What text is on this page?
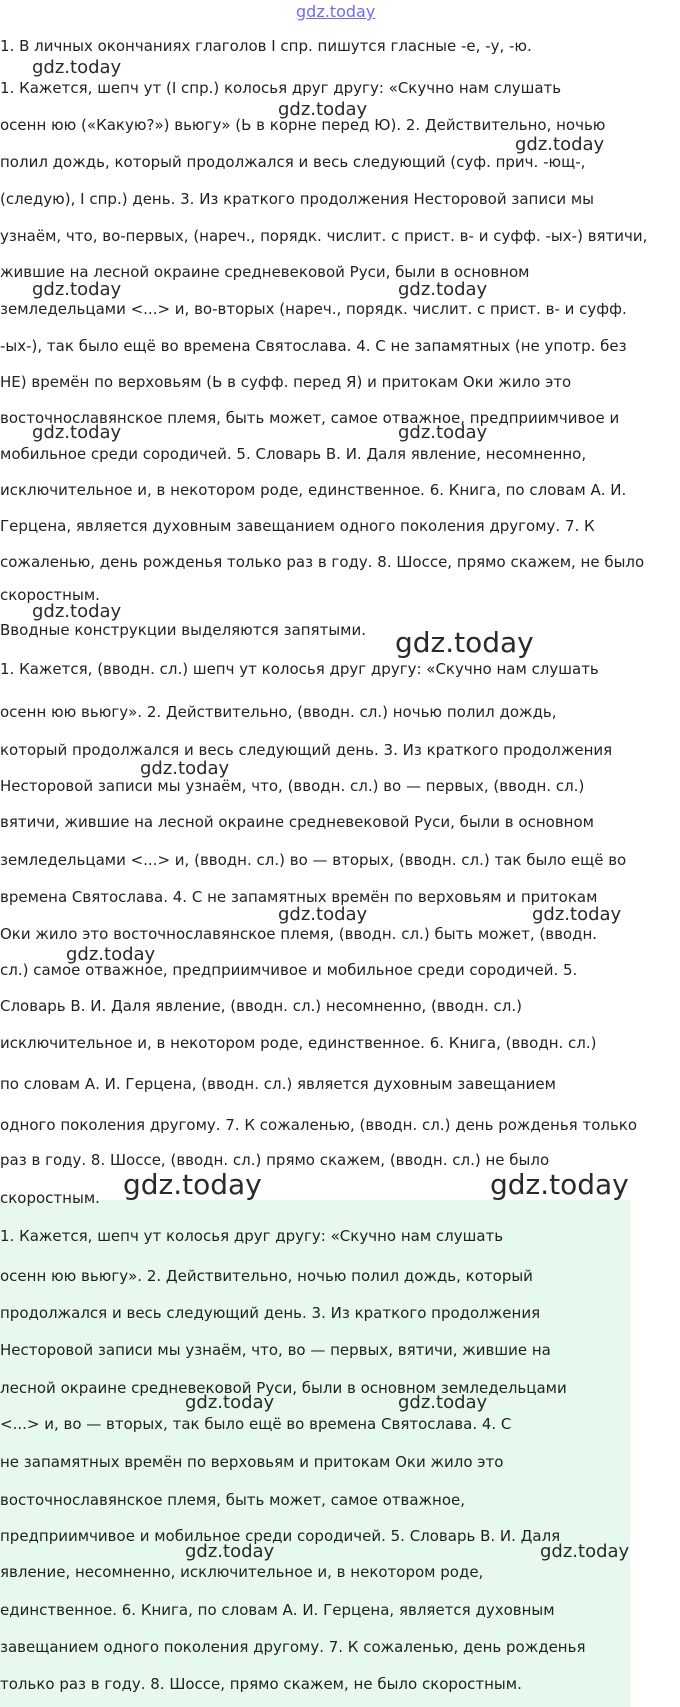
gdz.today
gdz.today
gdz.today
gdz.today
gdz.today	gdz.today
gdz.today	gdz.today
gdz.today
gdz.today
gdz.today
gdz.today	gdz.today
gdz.today
gdz.today	gdz.today
gdz.today	gdz.today
gdz.today	gdz.today
1. В личных окончаниях глаголов I спр. пишутся гласные -е, -у, -ю.
1. Кажется, шепч ут (I спр.) колосья друг другу: «Скучно нам слушать
осенн юю («Какую?») вьюгу» (Ь в корне перед Ю). 2. Действительно, ночью
полил дождь, который продолжался и весь следующий (суф. прич. -ющ-,
(следую), I спр.) день. 3. Из краткого продолжения Несторовой записи мы
узнаём, что, во-первых, (нареч., порядк. числит. с прист. в- и суфф. -ых-) вятичи,
жившие на лесной окраине средневековой Руси, были в основном
земледельцами <...> и, во-вторых (нареч., порядк. числит. с прист. в- и суфф.
-ых-), так было ещё во времена Святослава. 4. С не запамятных (не употр. без
НЕ) времён по верховьям (Ь в суфф. перед Я) и притокам Оки жило это
восточнославянское племя, быть может, самое отважное, предприимчивое и
мобильное среди сородичей. 5. Словарь В. И. Даля явление, несомненно,
исключительное и, в некотором роде, единственное. 6. Книга, по словам А. И.
Герцена, является духовным завещанием одного поколения другому. 7. К
сожаленью, день рожденья только раз в году. 8. Шоссе, прямо скажем, не было
скоростным.
Вводные конструкции выделяются запятыми.
1. Кажется, (вводн. сл.) шепч ут колосья друг другу: «Скучно нам слушать
осенн юю вьюгу». 2. Действительно, (вводн. сл.) ночью полил дождь,
который продолжался и весь следующий день. 3. Из краткого продолжения
Несторовой записи мы узнаём, что, (вводн. сл.) во — первых, (вводн. сл.)
вятичи, жившие на лесной окраине средневековой Руси, были в основном
земледельцами <...> и, (вводн. сл.) во — вторых, (вводн. сл.) так было ещё во
времена Святослава. 4. С не запамятных времён по верховьям и притокам
Оки жило это восточнославянское племя, (вводн. сл.) быть может, (вводн.
сл.) самое отважное, предприимчивое и мобильное среди сородичей. 5.
Словарь В. И. Даля явление, (вводн. сл.) несомненно, (вводн. сл.)
исключительное и, в некотором роде, единственное. 6. Книга, (вводн. сл.)
по словам А. И. Герцена, (вводн. сл.) является духовным завещанием
одного поколения другому. 7. К сожаленью, (вводн. сл.) день рожденья только
раз в году. 8. Шоссе, (вводн. сл.) прямо скажем, (вводн. сл.) не было
скоростным.
1. Кажется, шепч ут колосья друг другу: «Скучно нам слушать
осенн юю вьюгу». 2. Действительно, ночью полил дождь, который
продолжался и весь следующий день. 3. Из краткого продолжения
Несторовой записи мы узнаём, что, во — первых, вятичи, жившие на
лесной окраине средневековой Руси, были в основном земледельцами
<...> и, во — вторых, так было ещё во времена Святослава. 4. С
не запамятных времён по верховьям и притокам Оки жило это
восточнославянское племя, быть может, самое отважное,
предприимчивое и мобильное среди сородичей. 5. Словарь В. И. Даля
явление, несомненно, исключительное и, в некотором роде,
единственное. 6. Книга, по словам А. И. Герцена, является духовным
завещанием одного поколения другому. 7. К сожаленью, день рожденья
только раз в году. 8. Шоссе, прямо скажем, не было скоростным.
